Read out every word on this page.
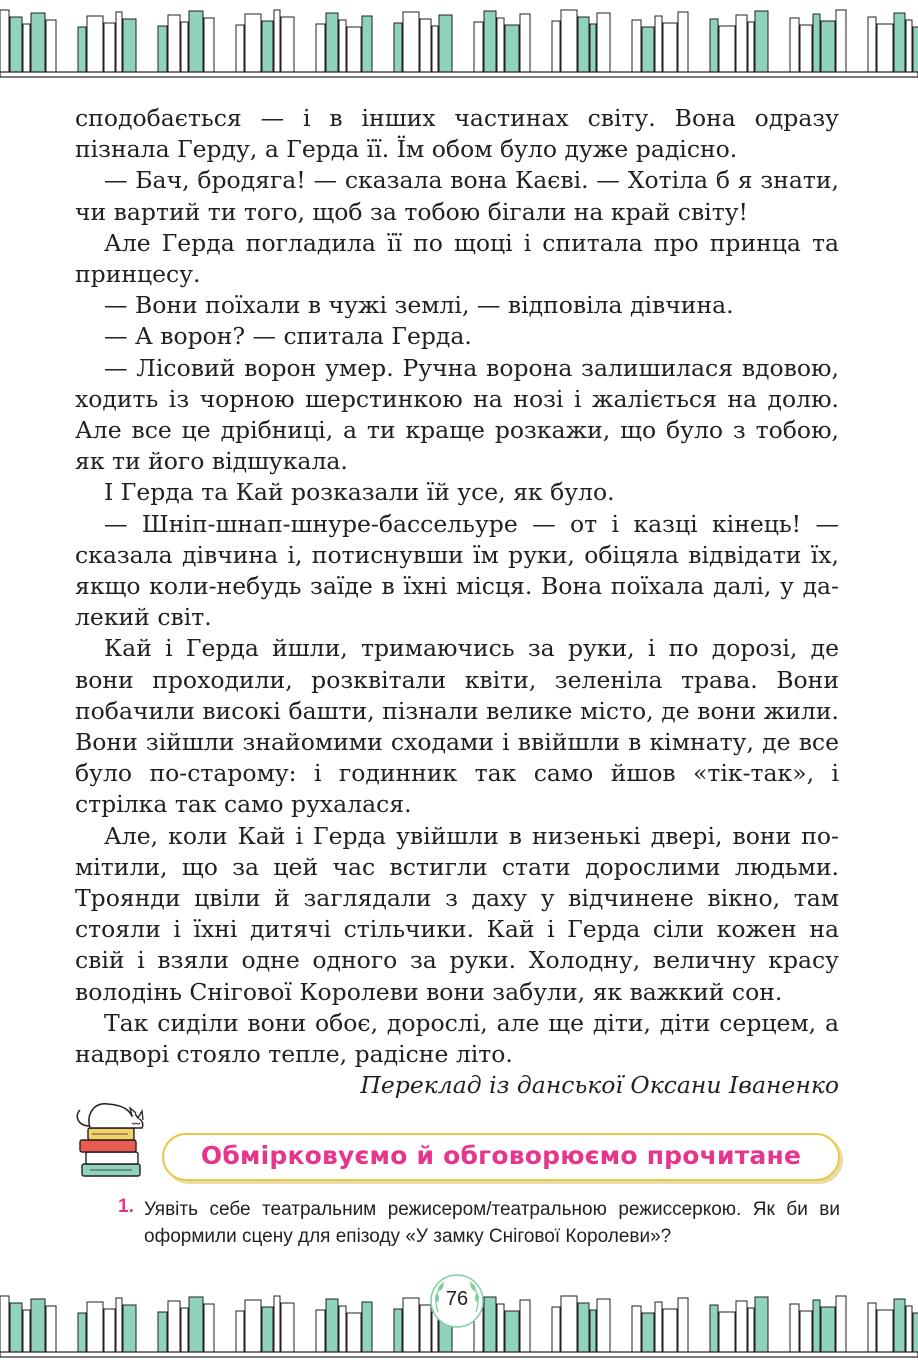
сподобається — і в інших частинах світу. Вона одразу пізнала Герду, а Герда її. Їм обом було дуже радісно.

— Бач, бродяга! — сказала вона Каєві. — Хотіла б я знати, чи вартий ти того, щоб за тобою бігали на край світу!

Але Герда погладила її по щоці і спитала про принца та принцесу.

— Вони поїхали в чужі землі, — відповіла дівчина.

— А ворон? — спитала Герда.

— Лісовий ворон умер. Ручна ворона залишилася вдовою, ходить із чорною шерстинкою на нозі і жаліється на долю. Але все це дрібниці, а ти краще розкажи, що було з тобою, як ти його відшукала.

І Герда та Кай розказали їй усе, як було.

— Шніп-шнап-шнуре-бассельуре — от і казці кінець! — сказала дівчина і, потиснувши їм руки, обіцяла відвідати їх, якщо коли-небудь заїде в їхні місця. Вона поїхала далі, у далекий світ.

Кай і Герда йшли, тримаючись за руки, і по дорозі, де вони проходили, розквітали квіти, зеленіла трава. Вони побачили високі башти, пізнали велике місто, де вони жили. Вони зійшли знайомими сходами і ввійшли в кімнату, де все було по-старому: і годинник так само йшов «тік-так», і стрілка так само рухалася.

Але, коли Кай і Герда увійшли в низенькі двері, вони помітили, що за цей час встигли стати дорослими людьми. Троянди цвіли й заглядали з даху у відчинене вікно, там стояли і їхні дитячі стільчики. Кай і Герда сіли кожен на свій і взяли одне одного за руки. Холодну, величну красу володінь Снігової Королеви вони забули, як важкий сон.

Так сиділи вони обоє, дорослі, але ще діти, діти серцем, а надворі стояло тепле, радісне літо.

Переклад із данської Оксани Іваненко

Обмірковуємо й обговорюємо прочитане
1. Уявіть себе театральним режисером/театральною режиссеркою. Як би ви оформили сцену для епізоду «У замку Снігової Королеви»?

76
